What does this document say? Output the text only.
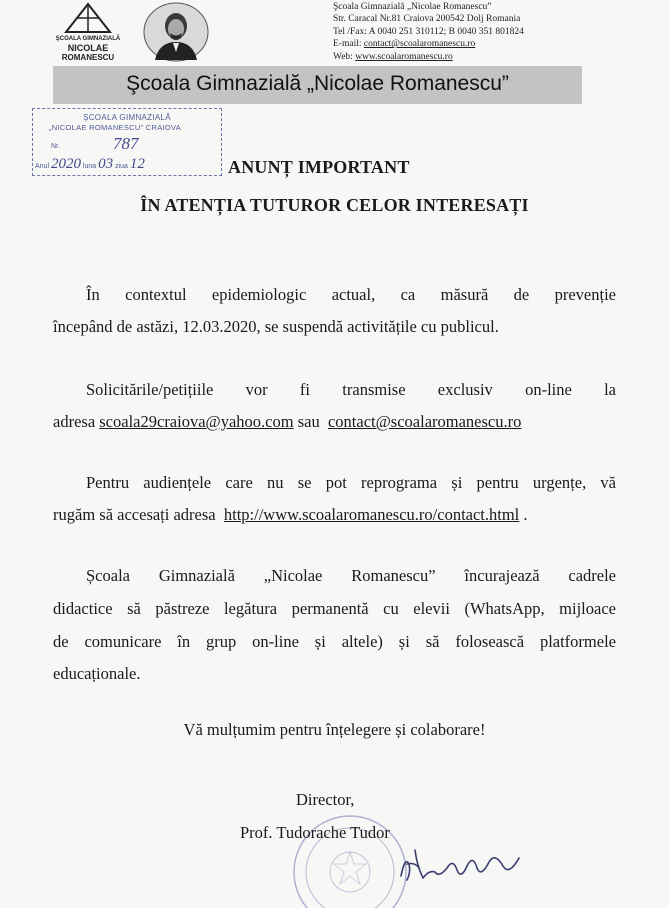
ŞCOALA GIMNAZIALĂ
NICOLAE
ROMANESCU
Şcoala Gimnazială „Nicolae Romanescu”
Str. Caracal Nr.81 Craiova 200542 Dolj Romania
Tel /Fax: A 0040 251 310112; B 0040 351 801824
E-mail: contact@scoalaromanescu.ro
Web: www.scoalaromanescu.ro
Şcoala Gimnazială „Nicolae Romanescu”
ŞCOALA GIMNAZIALĂ
„NICOLAE ROMANESCU” CRAIOVA
Nr.	787
Anul 2020 luna 03 ziua 12	ANUNȚ IMPORTANT
ÎN ATENȚIA TUTUROR CELOR INTERESAȚI
În contextul epidemiologic actual, ca măsură de prevenție
începând de astăzi, 12.03.2020, se suspendă activitățile cu publicul.
Solicitările/petițiile vor fi transmise exclusiv on-line la
adresa scoala29craiova@yahoo.com sau  contact@scoalaromanescu.ro
Pentru audiențele care nu se pot reprograma și pentru urgențe, vă
rugăm să accesați adresa  http://www.scoalaromanescu.ro/contact.html .
Școala Gimnazială „Nicolae Romanescu” încurajează cadrele
didactice să păstreze legătura permanentă cu elevii (WhatsApp, mijloace
de comunicare în grup on-line și altele) și să folosească platformele
educaționale.
Vă mulțumim pentru înțelegere și colaborare!
Director,
Prof. Tudorache Tudor
